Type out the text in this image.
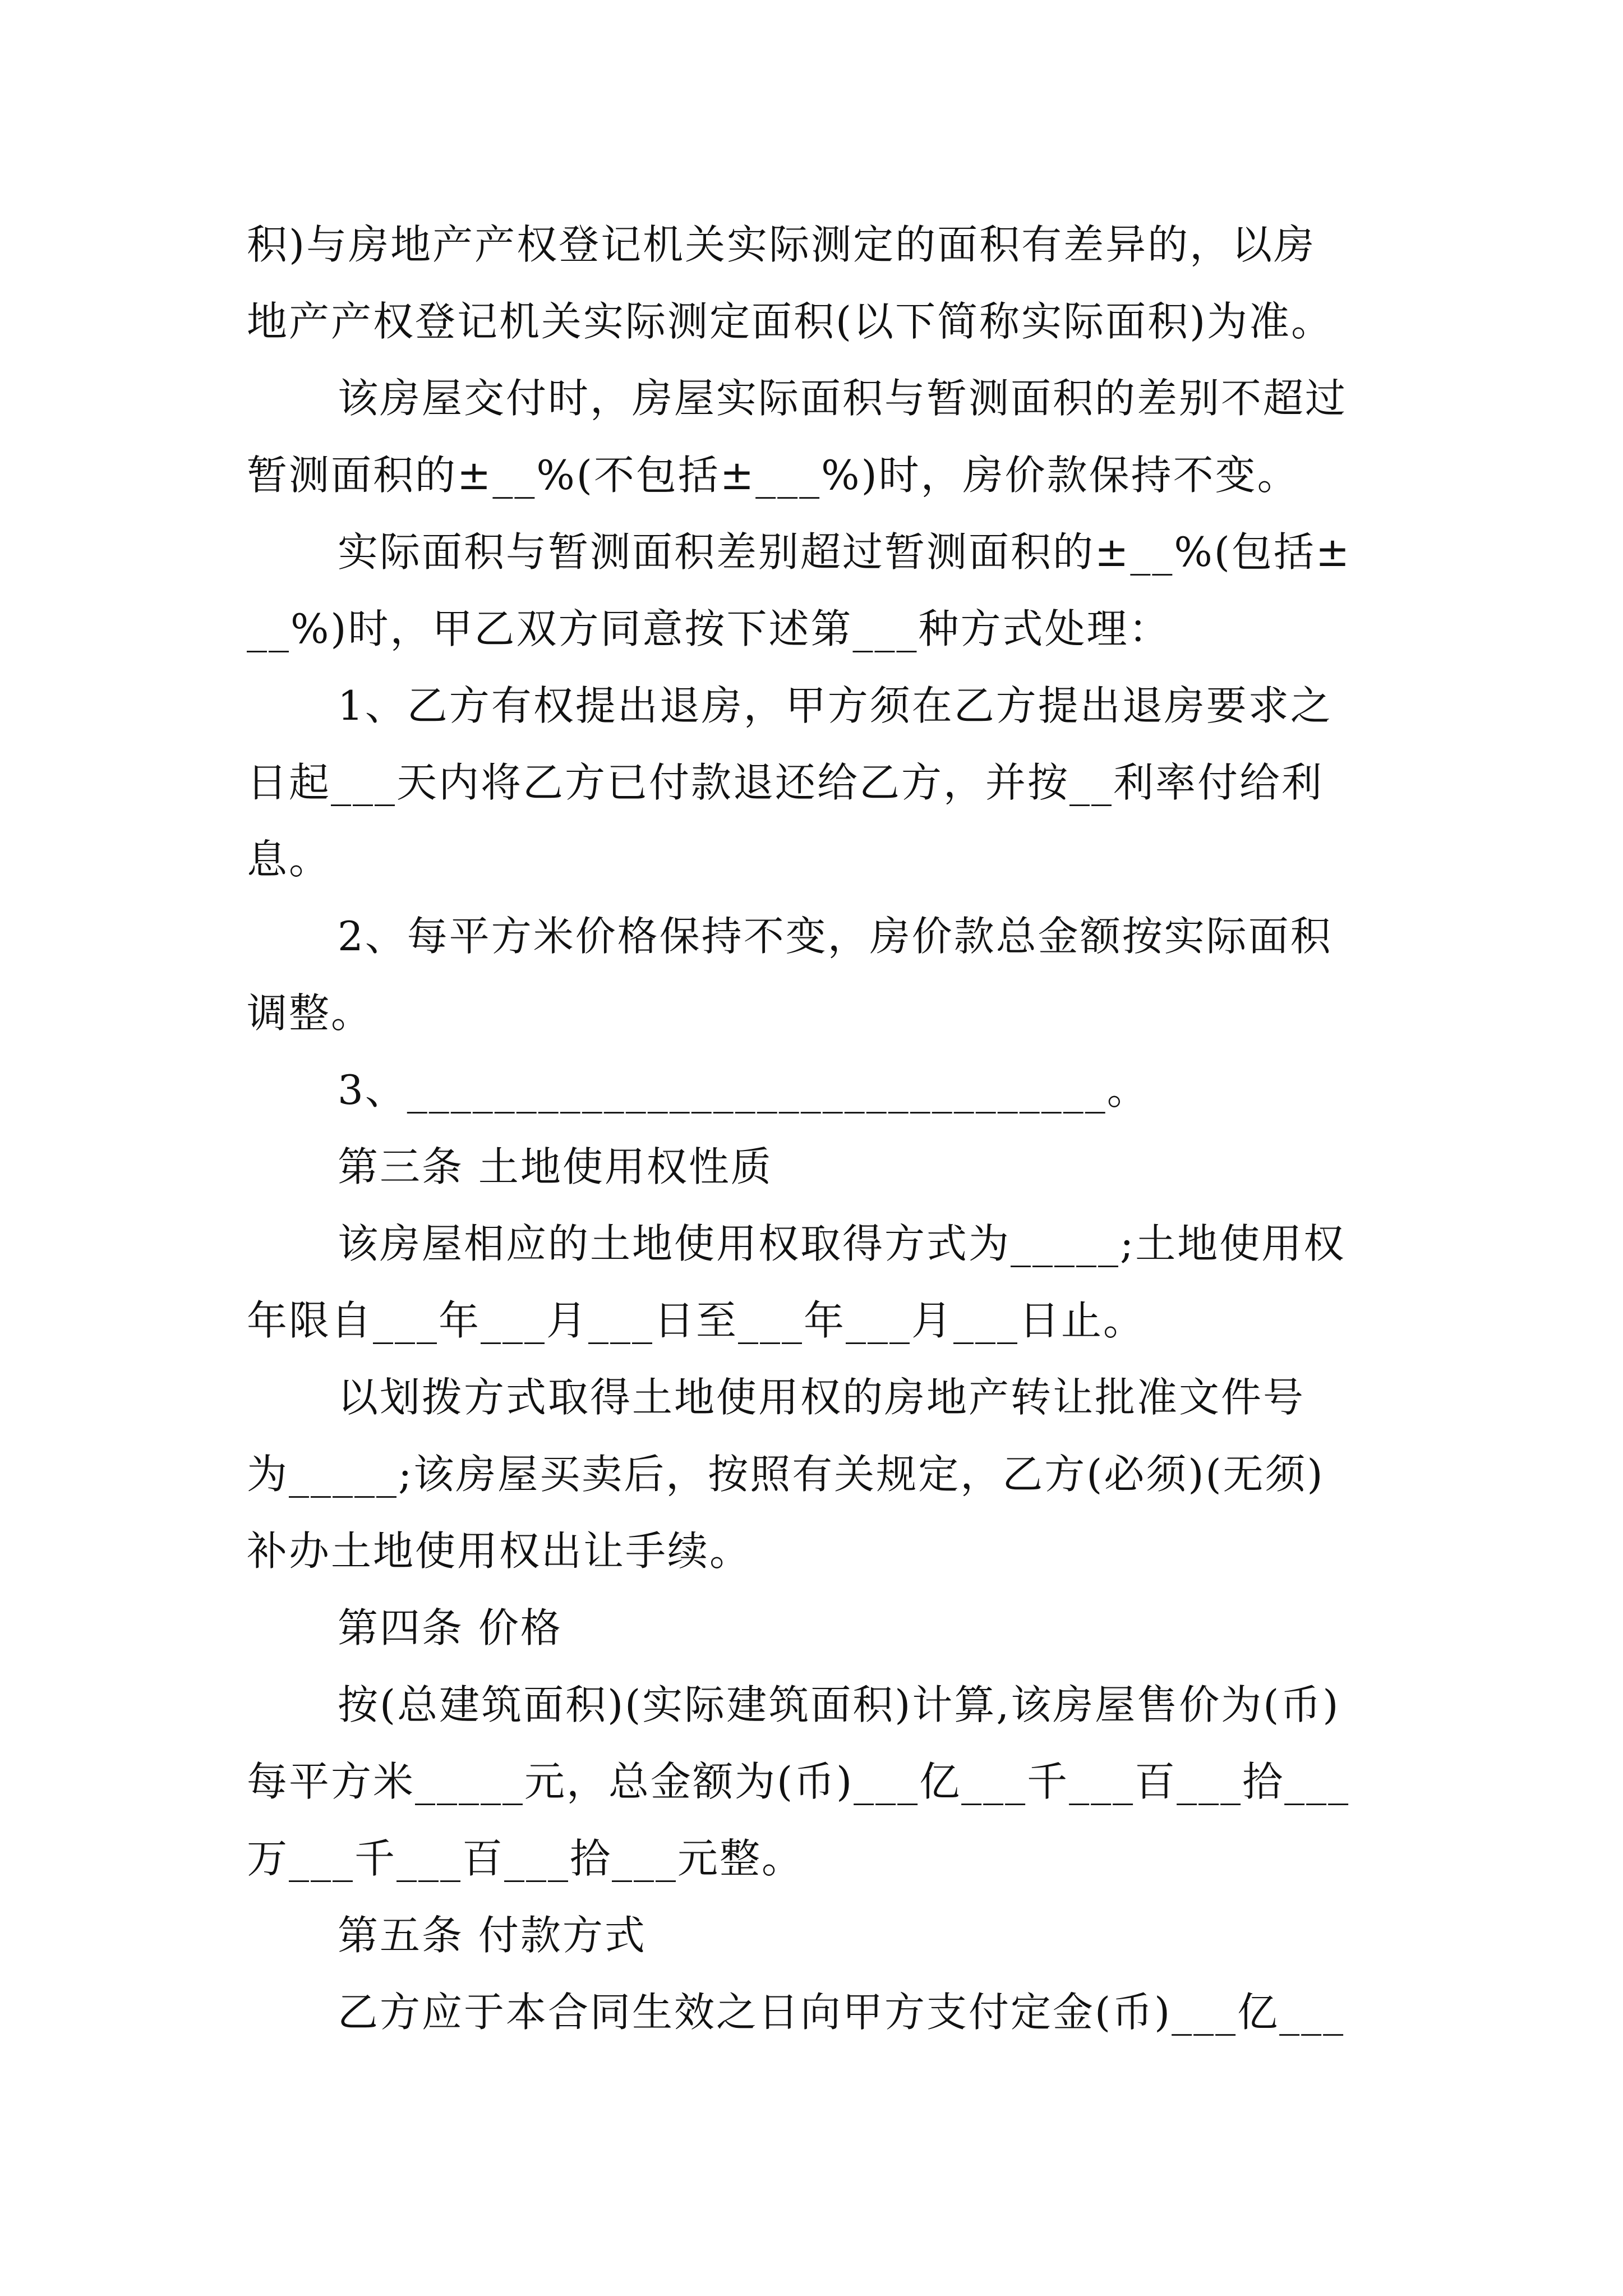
积)与房地产产权登记机关实际测定的面积有差异的，以房
地产产权登记机关实际测定面积(以下简称实际面积)为准。
该房屋交付时，房屋实际面积与暂测面积的差别不超过
暂测面积的±__%(不包括±___%)时，房价款保持不变。
实际面积与暂测面积差别超过暂测面积的±__%(包括±
__%)时，甲乙双方同意按下述第___种方式处理：
1、乙方有权提出退房，甲方须在乙方提出退房要求之
日起___天内将乙方已付款退还给乙方，并按__利率付给利
息。
2、每平方米价格保持不变，房价款总金额按实际面积
调整。
3、________________________________。
第三条 土地使用权性质
该房屋相应的土地使用权取得方式为_____;土地使用权
年限自___年___月___日至___年___月___日止。
以划拨方式取得土地使用权的房地产转让批准文件号
为_____;该房屋买卖后，按照有关规定，乙方(必须)(无须)
补办土地使用权出让手续。
第四条 价格
按(总建筑面积)(实际建筑面积)计算,该房屋售价为(币)
每平方米_____元，总金额为(币)___亿___千___百___拾___
万___千___百___拾___元整。
第五条 付款方式
乙方应于本合同生效之日向甲方支付定金(币)___亿___
